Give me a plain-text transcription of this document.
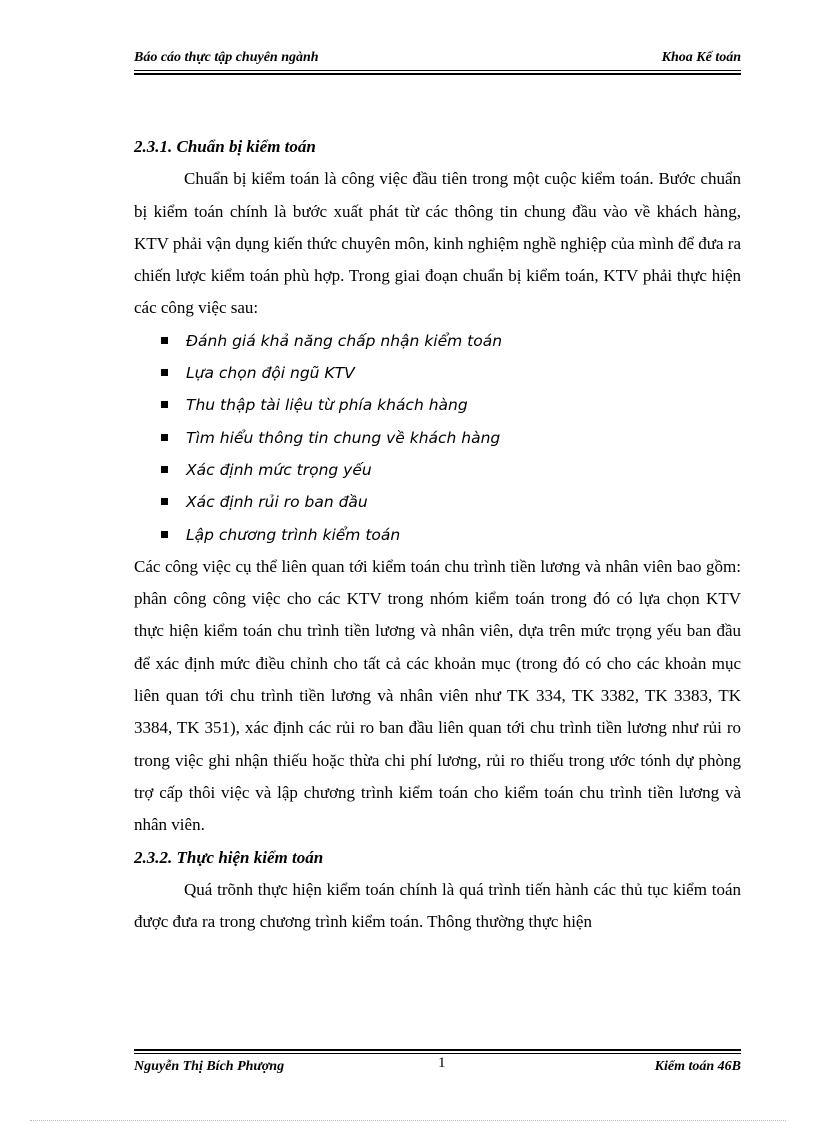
Báo cáo thực tập chuyên ngành	Khoa Kế toán

2.3.1. Chuẩn bị kiểm toán

Chuẩn bị kiểm toán là công việc đầu tiên trong một cuộc kiểm toán. Bước chuẩn bị kiểm toán chính là bước xuất phát từ các thông tin chung đầu vào về khách hàng, KTV phải vận dụng kiến thức chuyên môn, kinh nghiệm nghề nghiệp của mình để đưa ra chiến lược kiểm toán phù hợp. Trong giai đoạn chuẩn bị kiểm toán, KTV phải thực hiện các công việc sau:

Đánh giá khả năng chấp nhận kiểm toán
Lựa chọn đội ngũ KTV
Thu thập tài liệu từ phía khách hàng
Tìm hiểu thông tin chung về khách hàng
Xác định mức trọng yếu
Xác định rủi ro ban đầu
Lập chương trình kiểm toán

Các công việc cụ thể liên quan tới kiểm toán chu trình tiền lương và nhân viên bao gồm: phân công công việc cho các KTV trong nhóm kiểm toán trong đó có lựa chọn KTV thực hiện kiểm toán chu trình tiền lương và nhân viên, dựa trên mức trọng yếu ban đầu để xác định mức điều chỉnh cho tất cả các khoản mục (trong đó có cho các khoản mục liên quan tới chu trình tiền lương và nhân viên như TK 334, TK 3382, TK 3383, TK 3384, TK 351), xác định các rủi ro ban đầu liên quan tới chu trình tiền lương như rủi ro trong việc ghi nhận thiếu hoặc thừa chi phí lương, rủi ro thiếu trong ước tónh dự phòng trợ cấp thôi việc và lập chương trình kiểm toán cho kiểm toán chu trình tiền lương và nhân viên.

2.3.2. Thực hiện kiểm toán

Quá trõnh thực hiện kiểm toán chính là quá trình tiến hành các thủ tục kiểm toán được đưa ra trong chương trình kiểm toán. Thông thường thực hiện

Nguyễn Thị Bích Phượng	1	Kiểm toán 46B
